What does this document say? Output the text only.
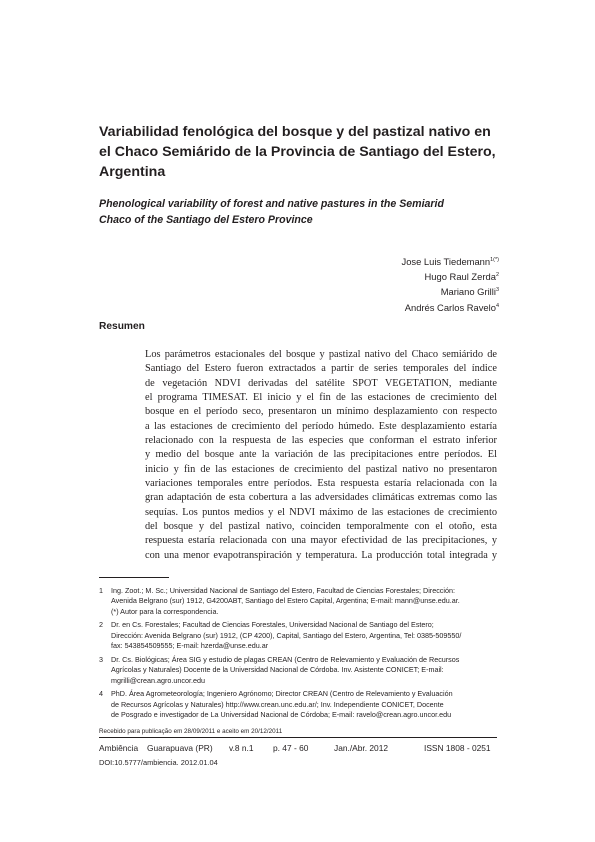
Variabilidad fenológica del bosque y del pastizal nativo en
el Chaco Semiárido de la Provincia de Santiago del Estero,
Argentina
Phenological variability of forest and native pastures in the Semiarid
Chaco of the Santiago del Estero Province
Jose Luis Tiedemann$^{1(*)}$
Hugo Raul Zerda$^2$
Mariano Grilli$^3$
Andrés Carlos Ravelo$^4$
Resumen
Los parámetros estacionales del bosque y pastizal nativo del Chaco semiárido de
Santiago del Estero fueron extractados a partir de series temporales del índice
de vegetación NDVI derivadas del satélite SPOT VEGETATION, mediante
el programa TIMESAT. El inicio y el fin de las estaciones de crecimiento del
bosque en el período seco, presentaron un mínimo desplazamiento con respecto
a las estaciones de crecimiento del período húmedo. Este desplazamiento estaría
relacionado con la respuesta de las especies que conforman el estrato inferior
y medio del bosque ante la variación de las precipitaciones entre períodos. El
inicio y fin de las estaciones de crecimiento del pastizal nativo no presentaron
variaciones temporales entre períodos. Esta respuesta estaría relacionada con la
gran adaptación de esta cobertura a las adversidades climáticas extremas como las
sequías. Los puntos medios y el NDVI máximo de las estaciones de crecimiento
del bosque y del pastizal nativo, coinciden temporalmente con el otoño, esta
respuesta estaría relacionada con una mayor efectividad de las precipitaciones, y
con una menor evapotranspiración y temperatura. La producción total integrada y
1	Ing. Zoot.; M. Sc.; Universidad Nacional de Santiago del Estero, Facultad de Ciencias Forestales; Dirección:
Avenida Belgrano (sur) 1912, G4200ABT, Santiago del Estero Capital, Argentina; E-mail: mann@unse.edu.ar.
(*) Autor para la correspondencia.
2	Dr. en Cs. Forestales; Facultad de Ciencias Forestales, Universidad Nacional de Santiago del Estero;
Dirección: Avenida Belgrano (sur) 1912, (CP 4200), Capital, Santiago del Estero, Argentina, Tel: 0385-509550/
fax: 543854509555; E-mail: hzerda@unse.edu.ar
3	Dr. Cs. Biológicas; Área SIG y estudio de plagas CREAN (Centro de Relevamiento y Evaluación de Recursos
Agrícolas y Naturales) Docente de la Universidad Nacional de Córdoba. Inv. Asistente CONICET; E-mail:
mgrilli@crean.agro.uncor.edu
4	PhD. Área Agrometeorología; Ingeniero Agrónomo; Director CREAN (Centro de Relevamiento y Evaluación
de Recursos Agrícolas y Naturales) http://www.crean.unc.edu.ar/; Inv. Independiente CONICET, Docente
de Posgrado e investigador de La Universidad Nacional de Córdoba; E-mail: ravelo@crean.agro.uncor.edu
Recebido para publicação em 28/09/2011 e aceito em 20/12/2011
Ambiência Guarapuava (PR) v.8 n.1 p. 47 - 60	Jan./Abr. 2012	ISSN 1808 - 0251
DOI:10.5777/ambiencia. 2012.01.04
